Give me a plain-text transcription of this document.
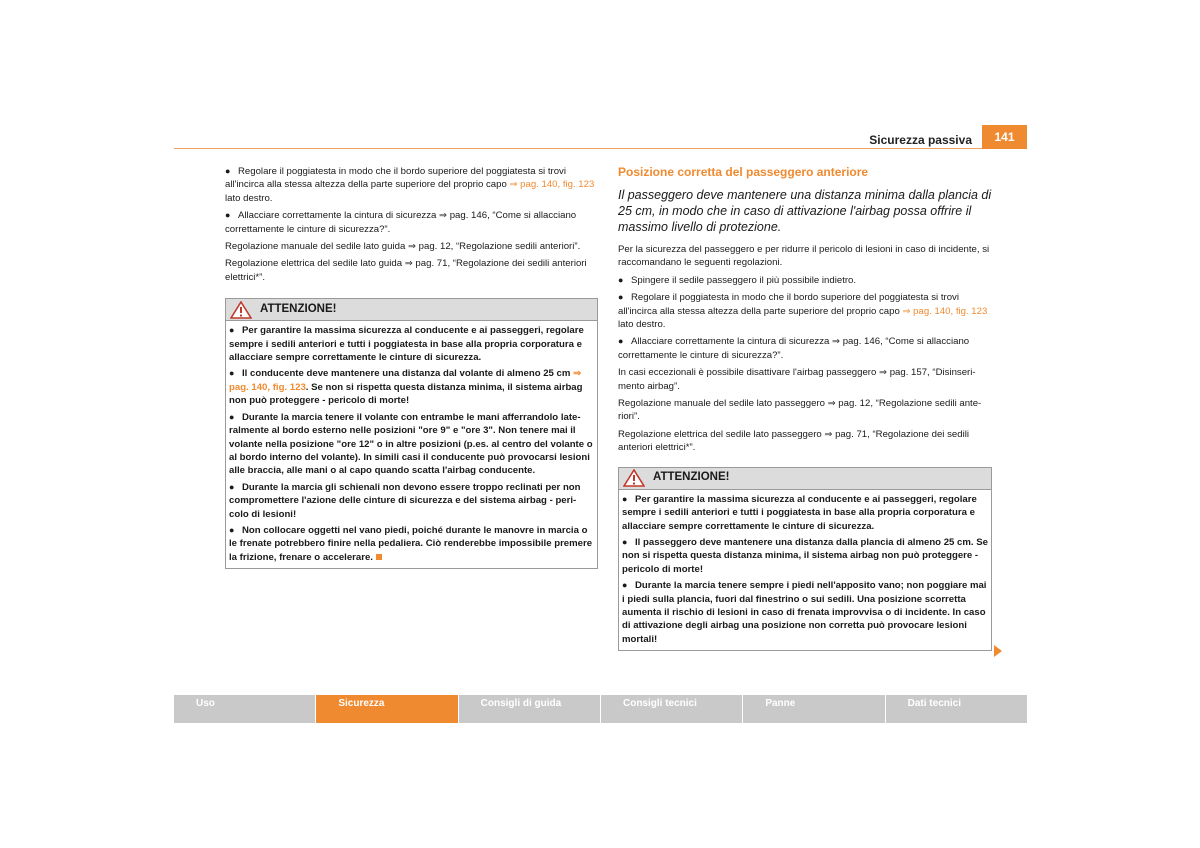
Sicurezza passiva	141

● Regolare il poggiatesta in modo che il bordo superiore del poggiatesta si trovi all'incirca alla stessa altezza della parte superiore del proprio capo ⇒ pag. 140, fig. 123 lato destro.

● Allacciare correttamente la cintura di sicurezza ⇒ pag. 146, “Come si allacciano correttamente le cinture di sicurezza?”.

Regolazione manuale del sedile lato guida ⇒ pag. 12, “Regolazione sedili anteriori”.

Regolazione elettrica del sedile lato guida ⇒ pag. 71, “Regolazione dei sedili anteriori elettrici*”.

ATTENZIONE!

● Per garantire la massima sicurezza al conducente e ai passeggeri, regolare sempre i sedili anteriori e tutti i poggiatesta in base alla propria corporatura e allacciare sempre correttamente le cinture di sicurezza.

● Il conducente deve mantenere una distanza dal volante di almeno 25 cm ⇒ pag. 140, fig. 123. Se non si rispetta questa distanza minima, il sistema airbag non può proteggere - pericolo di morte!

● Durante la marcia tenere il volante con entrambe le mani afferrandolo late-ralmente al bordo esterno nelle posizioni "ore 9" e "ore 3". Non tenere mai il volante nella posizione "ore 12" o in altre posizioni (p.es. al centro del volante o al bordo interno del volante). In simili casi il conducente può provocarsi lesioni alle braccia, alle mani o al capo quando scatta l'airbag conducente.

● Durante la marcia gli schienali non devono essere troppo reclinati per non compromettere l'azione delle cinture di sicurezza e del sistema airbag - peri-colo di lesioni!

● Non collocare oggetti nel vano piedi, poiché durante le manovre in marcia o le frenate potrebbero finire nella pedaliera. Ciò renderebbe impossibile premere la frizione, frenare o accelerare.

Posizione corretta del passeggero anteriore
Il passeggero deve mantenere una distanza minima dalla plancia di 25 cm, in modo che in caso di attivazione l'airbag possa offrire il massimo livello di protezione.

Per la sicurezza del passeggero e per ridurre il pericolo di lesioni in caso di incidente, si raccomandano le seguenti regolazioni.

● Spingere il sedile passeggero il più possibile indietro.

● Regolare il poggiatesta in modo che il bordo superiore del poggiatesta si trovi all'incirca alla stessa altezza della parte superiore del proprio capo ⇒ pag. 140, fig. 123 lato destro.

● Allacciare correttamente la cintura di sicurezza ⇒ pag. 146, “Come si allacciano correttamente le cinture di sicurezza?”.

In casi eccezionali è possibile disattivare l'airbag passeggero ⇒ pag. 157, “Disinseri-mento airbag”.

Regolazione manuale del sedile lato passeggero ⇒ pag. 12, “Regolazione sedili ante-riori”.

Regolazione elettrica del sedile lato passeggero ⇒ pag. 71, “Regolazione dei sedili anteriori elettrici*”.

ATTENZIONE!

● Per garantire la massima sicurezza al conducente e ai passeggeri, regolare sempre i sedili anteriori e tutti i poggiatesta in base alla propria corporatura e allacciare sempre correttamente le cinture di sicurezza.

● Il passeggero deve mantenere una distanza dalla plancia di almeno 25 cm. Se non si rispetta questa distanza minima, il sistema airbag non può proteggere - pericolo di morte!

● Durante la marcia tenere sempre i piedi nell'apposito vano; non poggiare mai i piedi sulla plancia, fuori dal finestrino o sui sedili. Una posizione scorretta aumenta il rischio di lesioni in caso di frenata improvvisa o di incidente. In caso di attivazione degli airbag una posizione non corretta può provocare lesioni mortali!

Uso	Sicurezza	Consigli di guida	Consigli tecnici	Panne	Dati tecnici
